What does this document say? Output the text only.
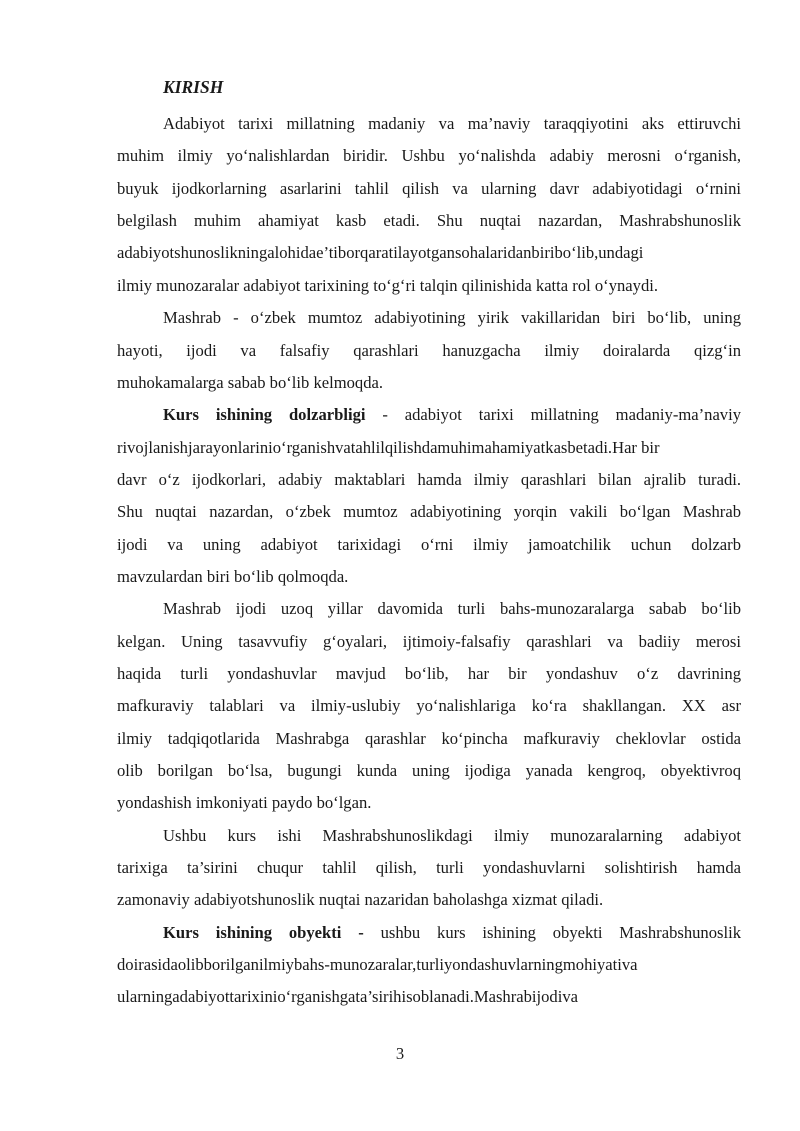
KIRISH
Adabiyot tarixi millatning madaniy va ma’naviy taraqqiyotini aks ettiruvchi
muhim ilmiy yo‘nalishlardan biridir. Ushbu yo‘nalishda adabiy merosni o‘rganish,
buyuk ijodkorlarning asarlarini tahlil qilish va ularning davr adabiyotidagi o‘rnini
belgilash muhim ahamiyat kasb etadi. Shu nuqtai nazardan, Mashrabshunoslik
adabiyotshunoslikningalohidae’tiborqaratilayotgansohalaridanbiribo‘lib,undagi
ilmiy munozaralar adabiyot tarixining to‘g‘ri talqin qilinishida katta rol o‘ynaydi.
Mashrab - o‘zbek mumtoz adabiyotining yirik vakillaridan biri bo‘lib, uning
hayoti, ijodi va falsafiy qarashlari hanuzgacha ilmiy doiralarda qizg‘in
muhokamalarga sabab bo‘lib kelmoqda.
Kurs ishining dolzarbligi - adabiyot tarixi millatning madaniy-ma’naviy
rivojlanishjarayonlarinio‘rganishvatahlilqilishdamuhimahamiyatkasbetadi.Har bir
davr o‘z ijodkorlari, adabiy maktablari hamda ilmiy qarashlari bilan ajralib turadi.
Shu nuqtai nazardan, o‘zbek mumtoz adabiyotining yorqin vakili bo‘lgan Mashrab
ijodi va uning adabiyot tarixidagi o‘rni ilmiy jamoatchilik uchun dolzarb
mavzulardan biri bo‘lib qolmoqda.
Mashrab ijodi uzoq yillar davomida turli bahs-munozaralarga sabab bo‘lib
kelgan. Uning tasavvufiy g‘oyalari, ijtimoiy-falsafiy qarashlari va badiiy merosi
haqida turli yondashuvlar mavjud bo‘lib, har bir yondashuv o‘z davrining
mafkuraviy talablari va ilmiy-uslubiy yo‘nalishlariga ko‘ra shakllangan. XX asr
ilmiy tadqiqotlarida Mashrabga qarashlar ko‘pincha mafkuraviy cheklovlar ostida
olib borilgan bo‘lsa, bugungi kunda uning ijodiga yanada kengroq, obyektivroq
yondashish imkoniyati paydo bo‘lgan.
Ushbu kurs ishi Mashrabshunoslikdagi ilmiy munozaralarning adabiyot
tarixiga ta’sirini chuqur tahlil qilish, turli yondashuvlarni solishtirish hamda
zamonaviy adabiyotshunoslik nuqtai nazaridan baholashga xizmat qiladi.
Kurs ishining obyekti - ushbu kurs ishining obyekti Mashrabshunoslik
doirasidaolibborilganilmiybahs-munozaralar,turliyondashuvlarningmohiyativa
ularningadabiyottarixinio‘rganishgata’sirihisoblanadi.Mashrabijodiva
3
